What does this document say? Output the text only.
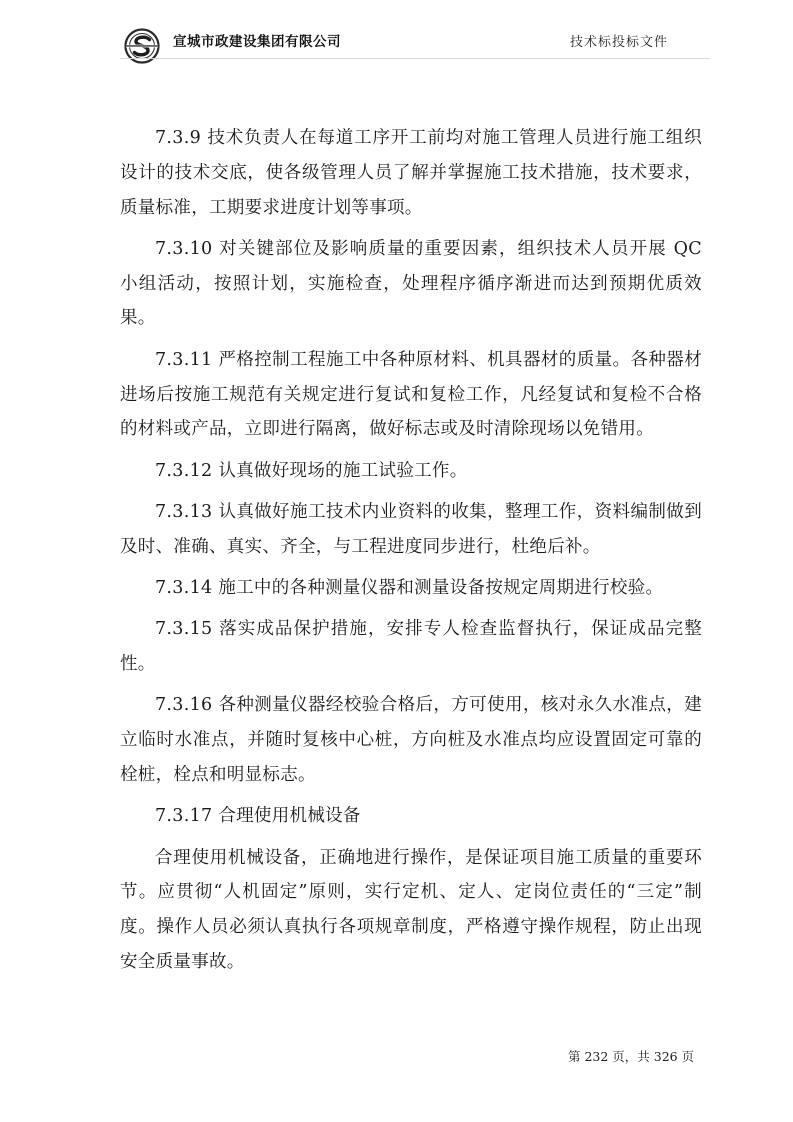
宣城市政建设集团有限公司	技术标投标文件

7.3.9 技术负责人在每道工序开工前均对施工管理人员进行施工组织设计的技术交底，使各级管理人员了解并掌握施工技术措施，技术要求，质量标准，工期要求进度计划等事项。

7.3.10 对关键部位及影响质量的重要因素，组织技术人员开展 QC 小组活动，按照计划，实施检查，处理程序循序渐进而达到预期优质效果。

7.3.11 严格控制工程施工中各种原材料、机具器材的质量。各种器材进场后按施工规范有关规定进行复试和复检工作，凡经复试和复检不合格的材料或产品，立即进行隔离，做好标志或及时清除现场以免错用。

7.3.12 认真做好现场的施工试验工作。

7.3.13 认真做好施工技术内业资料的收集，整理工作，资料编制做到及时、准确、真实、齐全，与工程进度同步进行，杜绝后补。

7.3.14 施工中的各种测量仪器和测量设备按规定周期进行校验。

7.3.15 落实成品保护措施，安排专人检查监督执行，保证成品完整性。

7.3.16 各种测量仪器经校验合格后，方可使用，核对永久水准点，建立临时水准点，并随时复核中心桩，方向桩及水准点均应设置固定可靠的栓桩，栓点和明显标志。

7.3.17 合理使用机械设备

合理使用机械设备，正确地进行操作，是保证项目施工质量的重要环节。应贯彻“人机固定”原则，实行定机、定人、定岗位责任的“三定”制度。操作人员必须认真执行各项规章制度，严格遵守操作规程，防止出现安全质量事故。

第 232 页，共 326 页
